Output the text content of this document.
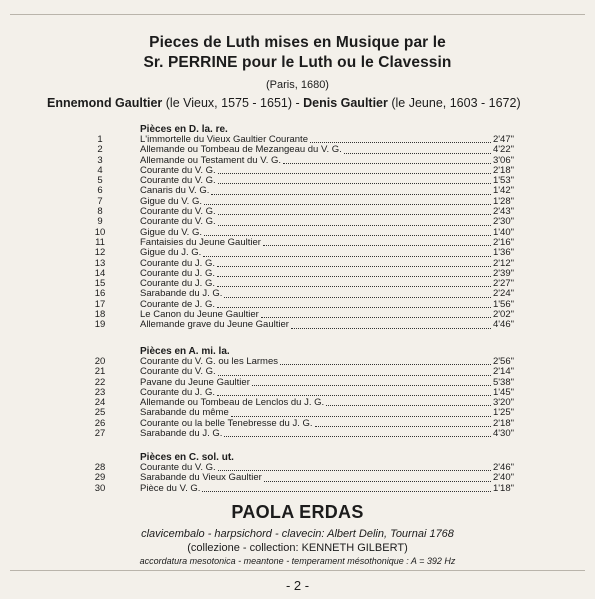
Pieces de Luth mises en Musique par le
Sr. PERRINE pour le Luth ou le Clavessin
(Paris, 1680)
Ennemond Gaultier (le Vieux, 1575 - 1651) - Denis Gaultier (le Jeune, 1603 - 1672)
Pièces en D. la. re.
1	L'immortelle du Vieux Gaultier Courante	2'47"
2	Allemande ou Tombeau de Mezangeau du V. G.	4'22"
3	Allemande ou Testament du V. G.	3'06"
4	Courante du V. G.	2'18"
5	Courante du V. G.	1'53"
6	Canaris du V. G.	1'42"
7	Gigue du V. G.	1'28"
8	Courante du V. G.	2'43"
9	Courante du V. G.	2'30"
10	Gigue du V. G.	1'40"
11	Fantaisies du Jeune Gaultier	2'16"
12	Gigue du J. G.	1'36"
13	Courante du J. G.	2'12"
14	Courante du J. G.	2'39"
15	Courante du J. G.	2'27"
16	Sarabande du J. G.	2'24"
17	Courante de J. G.	1'56"
18	Le Canon du Jeune Gaultier	2'02"
19	Allemande grave du Jeune Gaultier	4'46"
Pièces en A. mi. la.
20	Courante du V. G. ou les Larmes	2'56"
21	Courante du V. G.	2'14"
22	Pavane du Jeune Gaultier	5'38"
23	Courante du J. G.	1'45"
24	Allemande ou Tombeau de Lenclos du J. G.	3'20"
25	Sarabande du même	1'25"
26	Courante ou la belle Tenebresse du J. G.	2'18"
27	Sarabande du J. G.	4'30"
Pièces en C. sol. ut.
28	Courante du V. G.	2'46"
29	Sarabande du Vieux Gaultier	2'40"
30	Pièce du V. G.	1'18"
PAOLA ERDAS
clavicembalo - harpsichord - clavecin: Albert Delin, Tournai 1768
(collezione - collection: KENNETH GILBERT)
accordatura mesotonica - meantone - temperament mésothonique : A = 392 Hz
- 2 -
